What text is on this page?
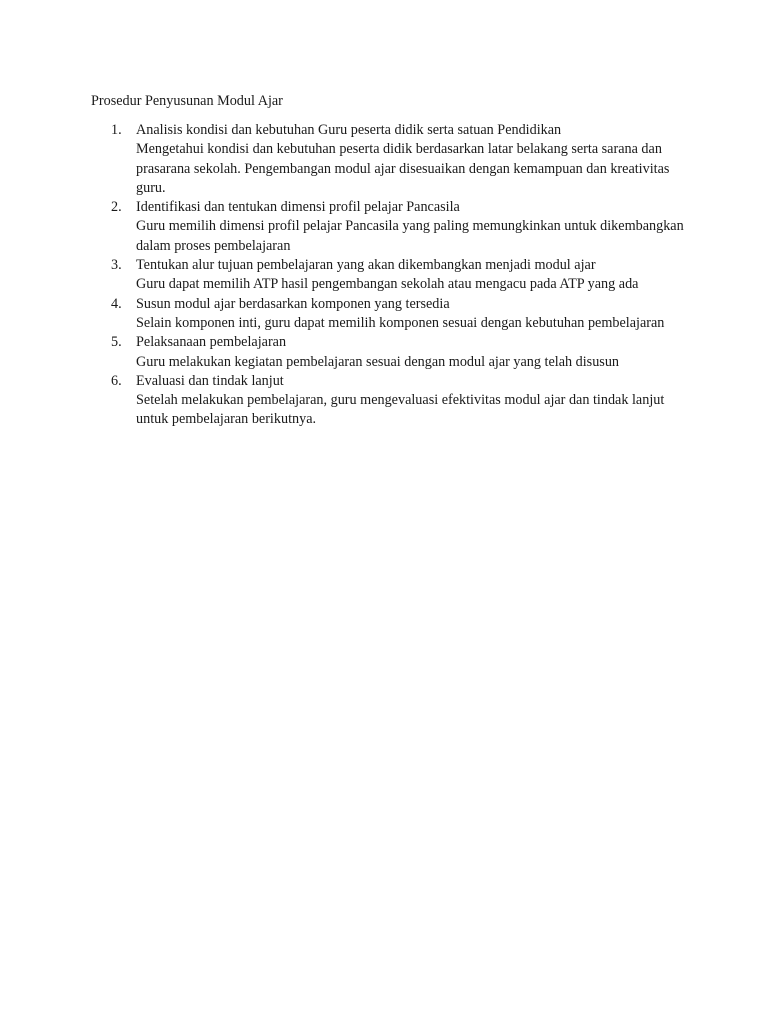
Prosedur Penyusunan Modul Ajar
1. Analisis kondisi dan kebutuhan Guru peserta didik serta satuan Pendidikan
Mengetahui kondisi dan kebutuhan peserta didik berdasarkan latar belakang serta sarana dan prasarana sekolah. Pengembangan modul ajar disesuaikan dengan kemampuan dan kreativitas guru.
2. Identifikasi dan tentukan dimensi profil pelajar Pancasila
Guru memilih dimensi profil pelajar Pancasila yang paling memungkinkan untuk dikembangkan dalam proses pembelajaran
3. Tentukan alur tujuan pembelajaran yang akan dikembangkan menjadi modul ajar
Guru dapat memilih ATP hasil pengembangan sekolah atau mengacu pada ATP yang ada
4. Susun modul ajar berdasarkan komponen yang tersedia
Selain komponen inti, guru dapat memilih komponen sesuai dengan kebutuhan pembelajaran
5. Pelaksanaan pembelajaran
Guru melakukan kegiatan pembelajaran sesuai dengan modul ajar yang telah disusun
6. Evaluasi dan tindak lanjut
Setelah melakukan pembelajaran, guru mengevaluasi efektivitas modul ajar dan tindak lanjut untuk pembelajaran berikutnya.
